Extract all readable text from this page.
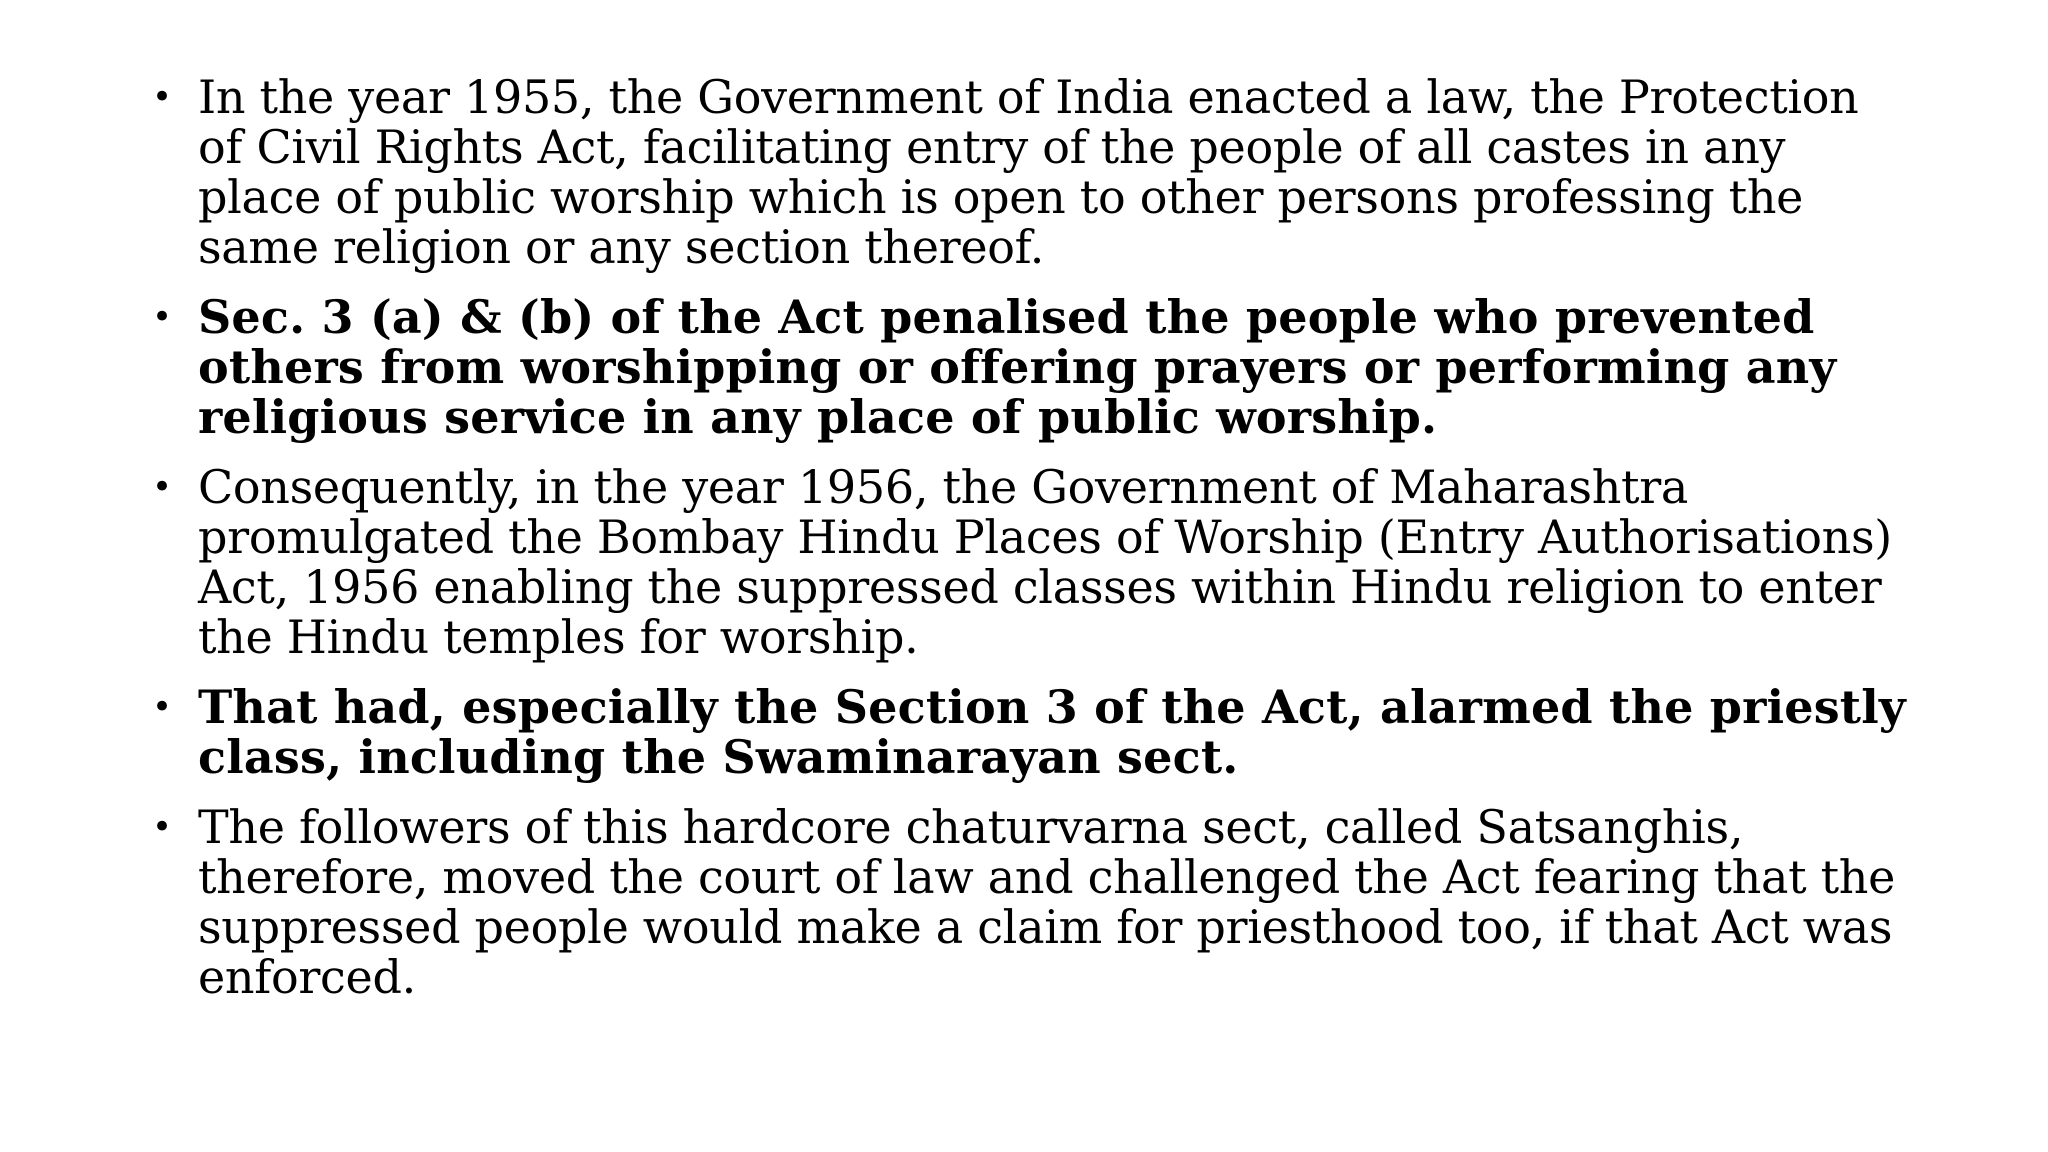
• In the year 1955, the Government of India enacted a law, the Protection of Civil Rights Act, facilitating entry of the people of all castes in any place of public worship which is open to other persons professing the same religion or any section thereof.
• Sec. 3 (a) & (b) of the Act penalised the people who prevented others from worshipping or offering prayers or performing any religious service in any place of public worship.
• Consequently, in the year 1956, the Government of Maharashtra promulgated the Bombay Hindu Places of Worship (Entry Authorisations) Act, 1956 enabling the suppressed classes within Hindu religion to enter the Hindu temples for worship.
• That had, especially the Section 3 of the Act, alarmed the priestly class, including the Swaminarayan sect.
• The followers of this hardcore chaturvarna sect, called Satsanghis, therefore, moved the court of law and challenged the Act fearing that the suppressed people would make a claim for priesthood too, if that Act was enforced.
